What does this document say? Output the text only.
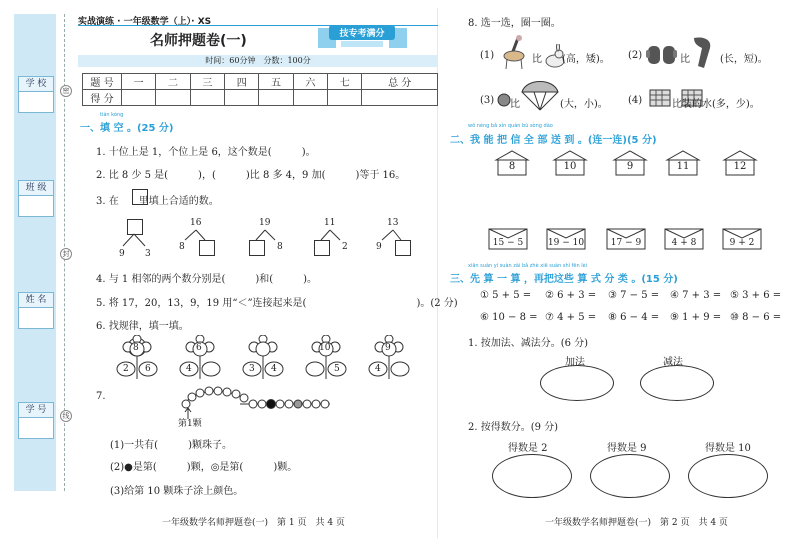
学 校
班 级
姓 名
学 号
密
封
线
实战演练 · 一年级数学（上）· XS
名师押题卷(一)	技专考满分
时间：60分钟　分数：100分
题 号	一	二	三	四	五	六	七	总 分
得 分								
tián kòng
一、填 空 。(25 分)
1. 十位上是 1，个位上是 6，这个数是(　　　)。
2. 比 8 少 5 是(　　　)，(　　　)比 8 多 4，9 加(　　　)等于 16。
3. 在　　里填上合适的数。
9 3
16
8
19
8
11
2
13
9
4. 与 1 相邻的两个数分别是(　　　)和(　　　)。
5. 将 17，20，13，9，19 用“＜”连接起来是(　　　　　　　　　　　)。(2 分)
6. 找规律，填一填。
8
2 6
6
4	3 4
10
5
9
4
7.
第1颗
(1)一共有(　　　)颗珠子。
(2)●是第(　　　)颗，◎是第(　　　)颗。
(3)给第 10 颗珠子涂上颜色。
一年级数学名师押题卷(一)　第 1 页　共 4 页
8. 选一选，圈一圈。
(1)	比　　(高，矮)。 (2)	比　　　(长，短)。
(3) 比　　　　(大，小)。 (4)	比装的水(多，少)。
wǒ néng bǎ xìn quán bù sòng dào
二、我 能 把 信 全 部 送 到 。(连一连)(5 分)
8	10	9	11	12
15 − 5	19 − 10	17 − 9	4 + 8	9 + 2
xiān suàn yi suàn zài bǎ zhè xiē suàn shì fēn lèi
三、先 算 一 算 ，再把这些 算 式 分 类 。(15 分)
① 5 + 5 = ② 6 + 3 = ③ 7 − 5 = ④ 7 + 3 = ⑤ 3 + 6 =
⑥ 10 − 8 = ⑦ 4 + 5 = ⑧ 6 − 4 = ⑨ 1 + 9 = ⑩ 8 − 6 =
1. 按加法、减法分。(6 分)
加法	减法
2. 按得数分。(9 分)
得数是 2	得数是 9	得数是 10
一年级数学名师押题卷(一)　第 2 页　共 4 页
